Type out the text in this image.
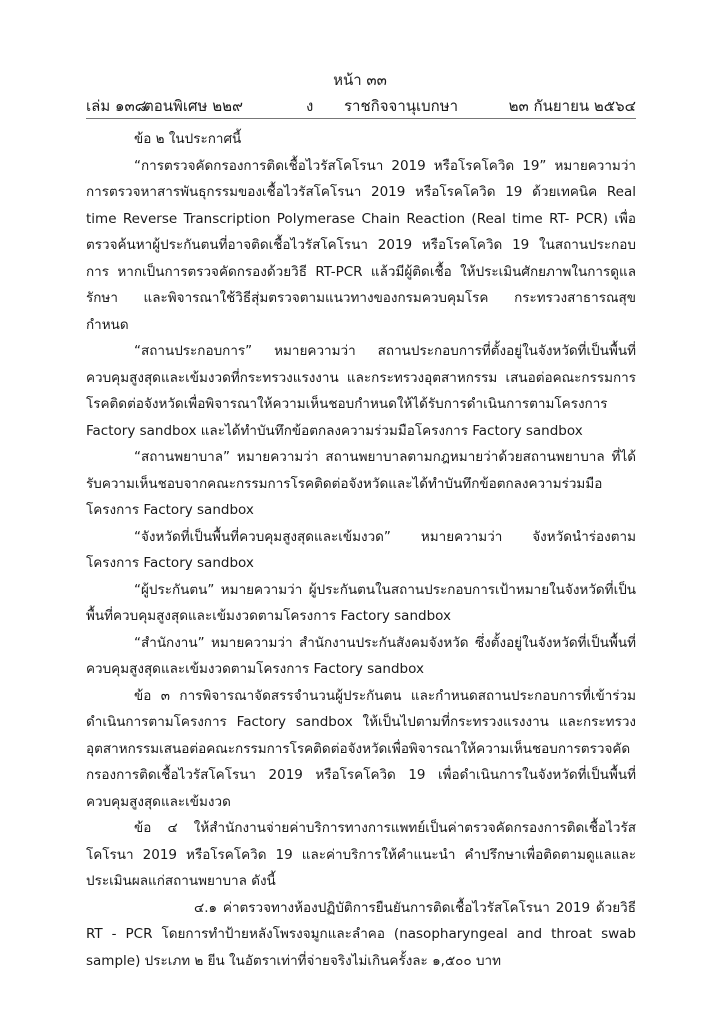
หน้า ๓๓
เล่ม ๑๓๘
ตอนพิเศษ ๒๒๙	ง ราชกิจจานุเบกษา	๒๓ กันยายน ๒๕๖๔

ข้อ ๒ ในประกาศนี้

“การตรวจคัดกรองการติดเชื้อไวรัสโคโรนา 2019 หรือโรคโควิด 19” หมายความว่า การตรวจหาสารพันธุกรรมของเชื้อไวรัสโคโรนา 2019 หรือโรคโควิด 19 ด้วยเทคนิค Real time Reverse Transcription Polymerase Chain Reaction (Real time RT- PCR) เพื่อตรวจค้นหาผู้ประกันตนที่อาจติดเชื้อไวรัสโคโรนา 2019 หรือโรคโควิด 19 ในสถานประกอบการ หากเป็นการตรวจคัดกรองด้วยวิธี RT-PCR แล้วมีผู้ติดเชื้อ ให้ประเมินศักยภาพในการดูแลรักษา และพิจารณาใช้วิธีสุ่มตรวจตามแนวทางของกรมควบคุมโรค กระทรวงสาธารณสุข กำหนด

“สถานประกอบการ” หมายความว่า สถานประกอบการที่ตั้งอยู่ในจังหวัดที่เป็นพื้นที่ควบคุมสูงสุดและเข้มงวดที่กระทรวงแรงงาน และกระทรวงอุตสาหกรรม เสนอต่อคณะกรรมการโรคติดต่อจังหวัดเพื่อพิจารณาให้ความเห็นชอบกำหนดให้ได้รับการดำเนินการตามโครงการ Factory sandbox และได้ทำบันทึกข้อตกลงความร่วมมือโครงการ Factory sandbox

“สถานพยาบาล” หมายความว่า สถานพยาบาลตามกฎหมายว่าด้วยสถานพยาบาล ที่ได้รับความเห็นชอบจากคณะกรรมการโรคติดต่อจังหวัดและได้ทำบันทึกข้อตกลงความร่วมมือโครงการ Factory sandbox

“จังหวัดที่เป็นพื้นที่ควบคุมสูงสุดและเข้มงวด” หมายความว่า จังหวัดนำร่องตามโครงการ Factory sandbox

“ผู้ประกันตน” หมายความว่า ผู้ประกันตนในสถานประกอบการเป้าหมายในจังหวัดที่เป็นพื้นที่ควบคุมสูงสุดและเข้มงวดตามโครงการ Factory sandbox

“สำนักงาน” หมายความว่า สำนักงานประกันสังคมจังหวัด ซึ่งตั้งอยู่ในจังหวัดที่เป็นพื้นที่ควบคุมสูงสุดและเข้มงวดตามโครงการ Factory sandbox

ข้อ ๓ การพิจารณาจัดสรรจำนวนผู้ประกันตน และกำหนดสถานประกอบการที่เข้าร่วมดำเนินการตามโครงการ Factory sandbox ให้เป็นไปตามที่กระทรวงแรงงาน และกระทรวงอุตสาหกรรมเสนอต่อคณะกรรมการโรคติดต่อจังหวัดเพื่อพิจารณาให้ความเห็นชอบการตรวจคัดกรองการติดเชื้อไวรัสโคโรนา 2019 หรือโรคโควิด 19 เพื่อดำเนินการในจังหวัดที่เป็นพื้นที่ควบคุมสูงสุดและเข้มงวด

ข้อ ๔ ให้สำนักงานจ่ายค่าบริการทางการแพทย์เป็นค่าตรวจคัดกรองการติดเชื้อไวรัสโคโรนา 2019 หรือโรคโควิด 19 และค่าบริการให้คำแนะนำ คำปรึกษาเพื่อติดตามดูแลและประเมินผลแก่สถานพยาบาล ดังนี้

๔.๑ ค่าตรวจทางห้องปฏิบัติการยืนยันการติดเชื้อไวรัสโคโรนา 2019 ด้วยวิธี RT - PCR โดยการทำป้ายหลังโพรงจมูกและลำคอ (nasopharyngeal and throat swab sample) ประเภท ๒ ยีน ในอัตราเท่าที่จ่ายจริงไม่เกินครั้งละ ๑,๕๐๐ บาท
